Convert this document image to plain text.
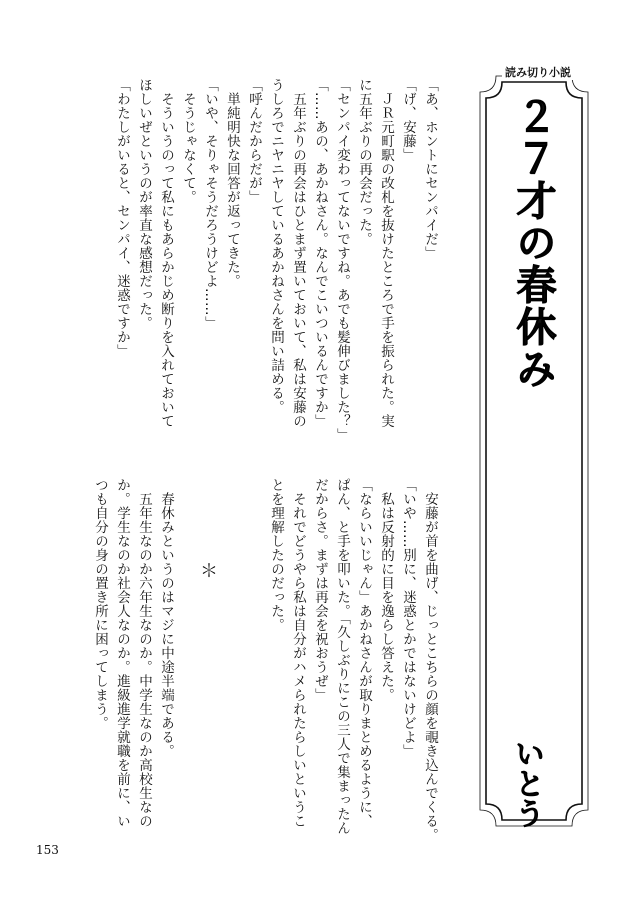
読み切り小説
２７才の春休み
いとう
「あ、ホントにセンパイだ」
「げ、安藤」
　ＪＲ元町駅の改札を抜けたところで手を振られた。実
に五年ぶりの再会だった。
「センパイ変わってないですね。あでも髪伸びました？」
「……あの、あかねさん。なんでこいついるんですか」
　五年ぶりの再会はひとまず置いておいて、私は安藤の
うしろでニヤニヤしているあかねさんを問い詰める。
「呼んだからだが」
　単純明快な回答が返ってきた。
「いや、そりゃそうだろうけどよ……」
　そうじゃなくて。
　そういうのって私にもあらかじめ断りを入れておいて
ほしいぜというのが率直な感想だった。
「わたしがいると、センパイ、迷惑ですか」
　安藤が首を曲げ、じっとこちらの顔を覗き込んでくる。
「いや……別に、迷惑とかではないけどよ」
　私は反射的に目を逸らし答えた。
「ならいいじゃん」あかねさんが取りまとめるように、
ぱん、と手を叩いた。「久しぶりにこの三人で集まったん
だからさ。まずは再会を祝おうぜ」
　それでどうやら私は自分がハメられたらしいというこ
とを理解したのだった。
　春休みというのはマジに中途半端である。
　五年生なのか六年生なのか。中学生なのか高校生なの
か。学生なのか社会人なのか。進級進学就職を前に、い
つも自分の身の置き所に困ってしまう。	＊
153
